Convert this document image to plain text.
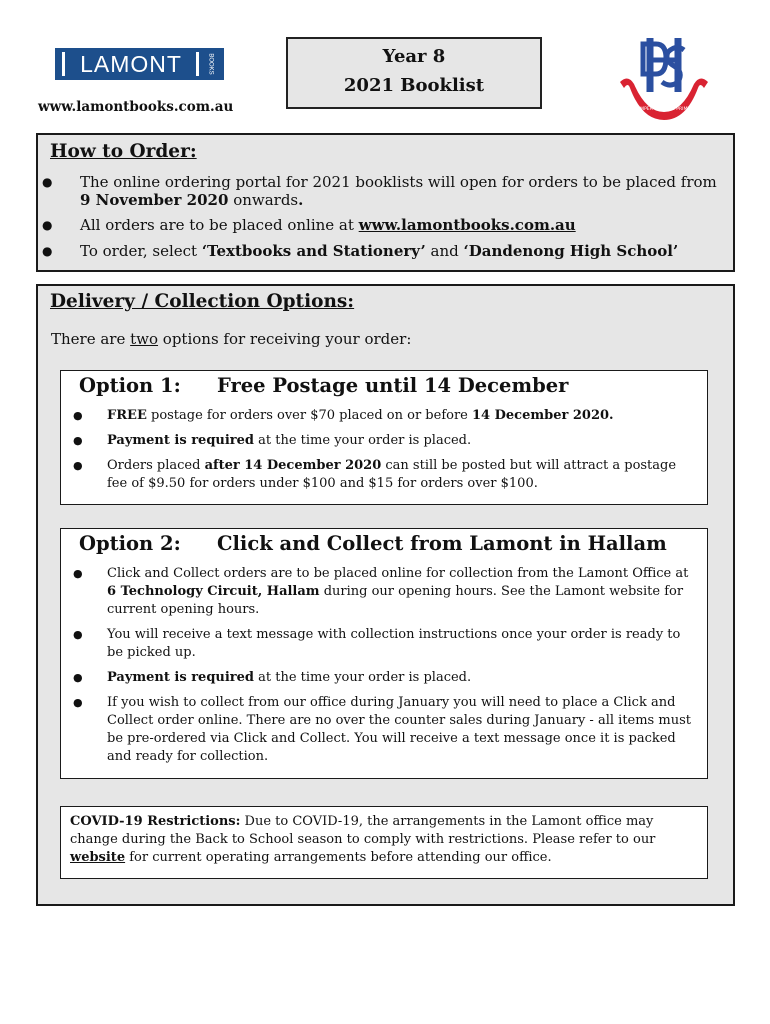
LAMONT	BOOKS
www.lamontbooks.com.au
Year 8
2021 Booklist
SEMPER QUISQUE PRIMUS
How to Order:
● The online ordering portal for 2021 booklists will open for orders to be placed from 9 November 2020 onwards.
● All orders are to be placed online at www.lamontbooks.com.au
● To order, select ‘Textbooks and Stationery’ and ‘Dandenong High School’
Delivery / Collection Options:
There are two options for receiving your order:
Option 1: Free Postage until 14 December
● FREE postage for orders over $70 placed on or before 14 December 2020.
● Payment is required at the time your order is placed.
● Orders placed after 14 December 2020 can still be posted but will attract a postage fee of $9.50 for orders under $100 and $15 for orders over $100.
Option 2: Click and Collect from Lamont in Hallam
● Click and Collect orders are to be placed online for collection from the Lamont Office at 6 Technology Circuit, Hallam during our opening hours. See the Lamont website for current opening hours.
● You will receive a text message with collection instructions once your order is ready to be picked up.
● Payment is required at the time your order is placed.
● If you wish to collect from our office during January you will need to place a Click and Collect order online. There are no over the counter sales during January - all items must be pre-ordered via Click and Collect. You will receive a text message once it is packed and ready for collection.
COVID-19 Restrictions: Due to COVID-19, the arrangements in the Lamont office may change during the Back to School season to comply with restrictions. Please refer to our website for current operating arrangements before attending our office.
